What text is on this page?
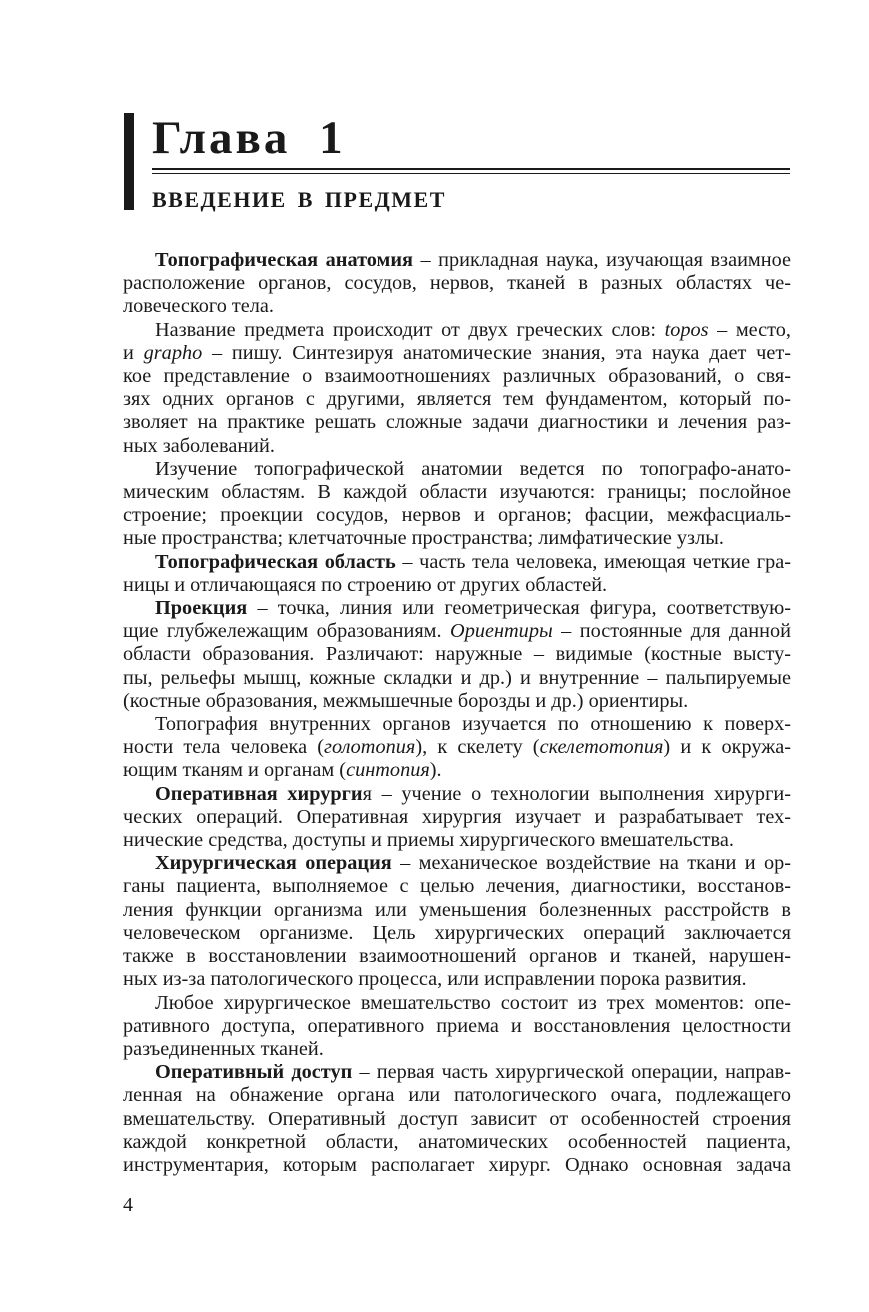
Глава 1
ВВЕДЕНИЕ В ПРЕДМЕТ

Топографическая анатомия – прикладная наука, изучающая взаимное
расположение органов, сосудов, нервов, тканей в разных областях че-
ловеческого тела.

Название предмета происходит от двух греческих слов: topos – место,
и grapho – пишу. Синтезируя анатомические знания, эта наука дает чет-
кое представление о взаимоотношениях различных образований, о свя-
зях одних органов с другими, является тем фундаментом, который по-
зволяет на практике решать сложные задачи диагностики и лечения раз-
ных заболеваний.

Изучение топографической анатомии ведется по топографо-анато-
мическим областям. В каждой области изучаются: границы; послойное
строение; проекции сосудов, нервов и органов; фасции, межфасциаль-
ные пространства; клетчаточные пространства; лимфатические узлы.

Топографическая область – часть тела человека, имеющая четкие гра-
ницы и отличающаяся по строению от других областей.

Проекция – точка, линия или геометрическая фигура, соответствую-
щие глубжележащим образованиям. Ориентиры – постоянные для данной
области образования. Различают: наружные – видимые (костные высту-
пы, рельефы мышц, кожные складки и др.) и внутренние – пальпируемые
(костные образования, межмышечные борозды и др.) ориентиры.

Топография внутренних органов изучается по отношению к поверх-
ности тела человека (голотопия), к скелету (скелетотопия) и к окружа-
ющим тканям и органам (синтопия).

Оперативная хирургия – учение о технологии выполнения хирурги-
ческих операций. Оперативная хирургия изучает и разрабатывает тех-
нические средства, доступы и приемы хирургического вмешательства.

Хирургическая операция – механическое воздействие на ткани и ор-
ганы пациента, выполняемое с целью лечения, диагностики, восстанов-
ления функции организма или уменьшения болезненных расстройств в
человеческом организме. Цель хирургических операций заключается
также в восстановлении взаимоотношений органов и тканей, нарушен-
ных из-за патологического процесса, или исправлении порока развития.

Любое хирургическое вмешательство состоит из трех моментов: опе-
ративного доступа, оперативного приема и восстановления целостности
разъединенных тканей.

Оперативный доступ – первая часть хирургической операции, направ-
ленная на обнажение органа или патологического очага, подлежащего
вмешательству. Оперативный доступ зависит от особенностей строения
каждой конкретной области, анатомических особенностей пациента,
инструментария, которым располагает хирург. Однако основная задача

4
